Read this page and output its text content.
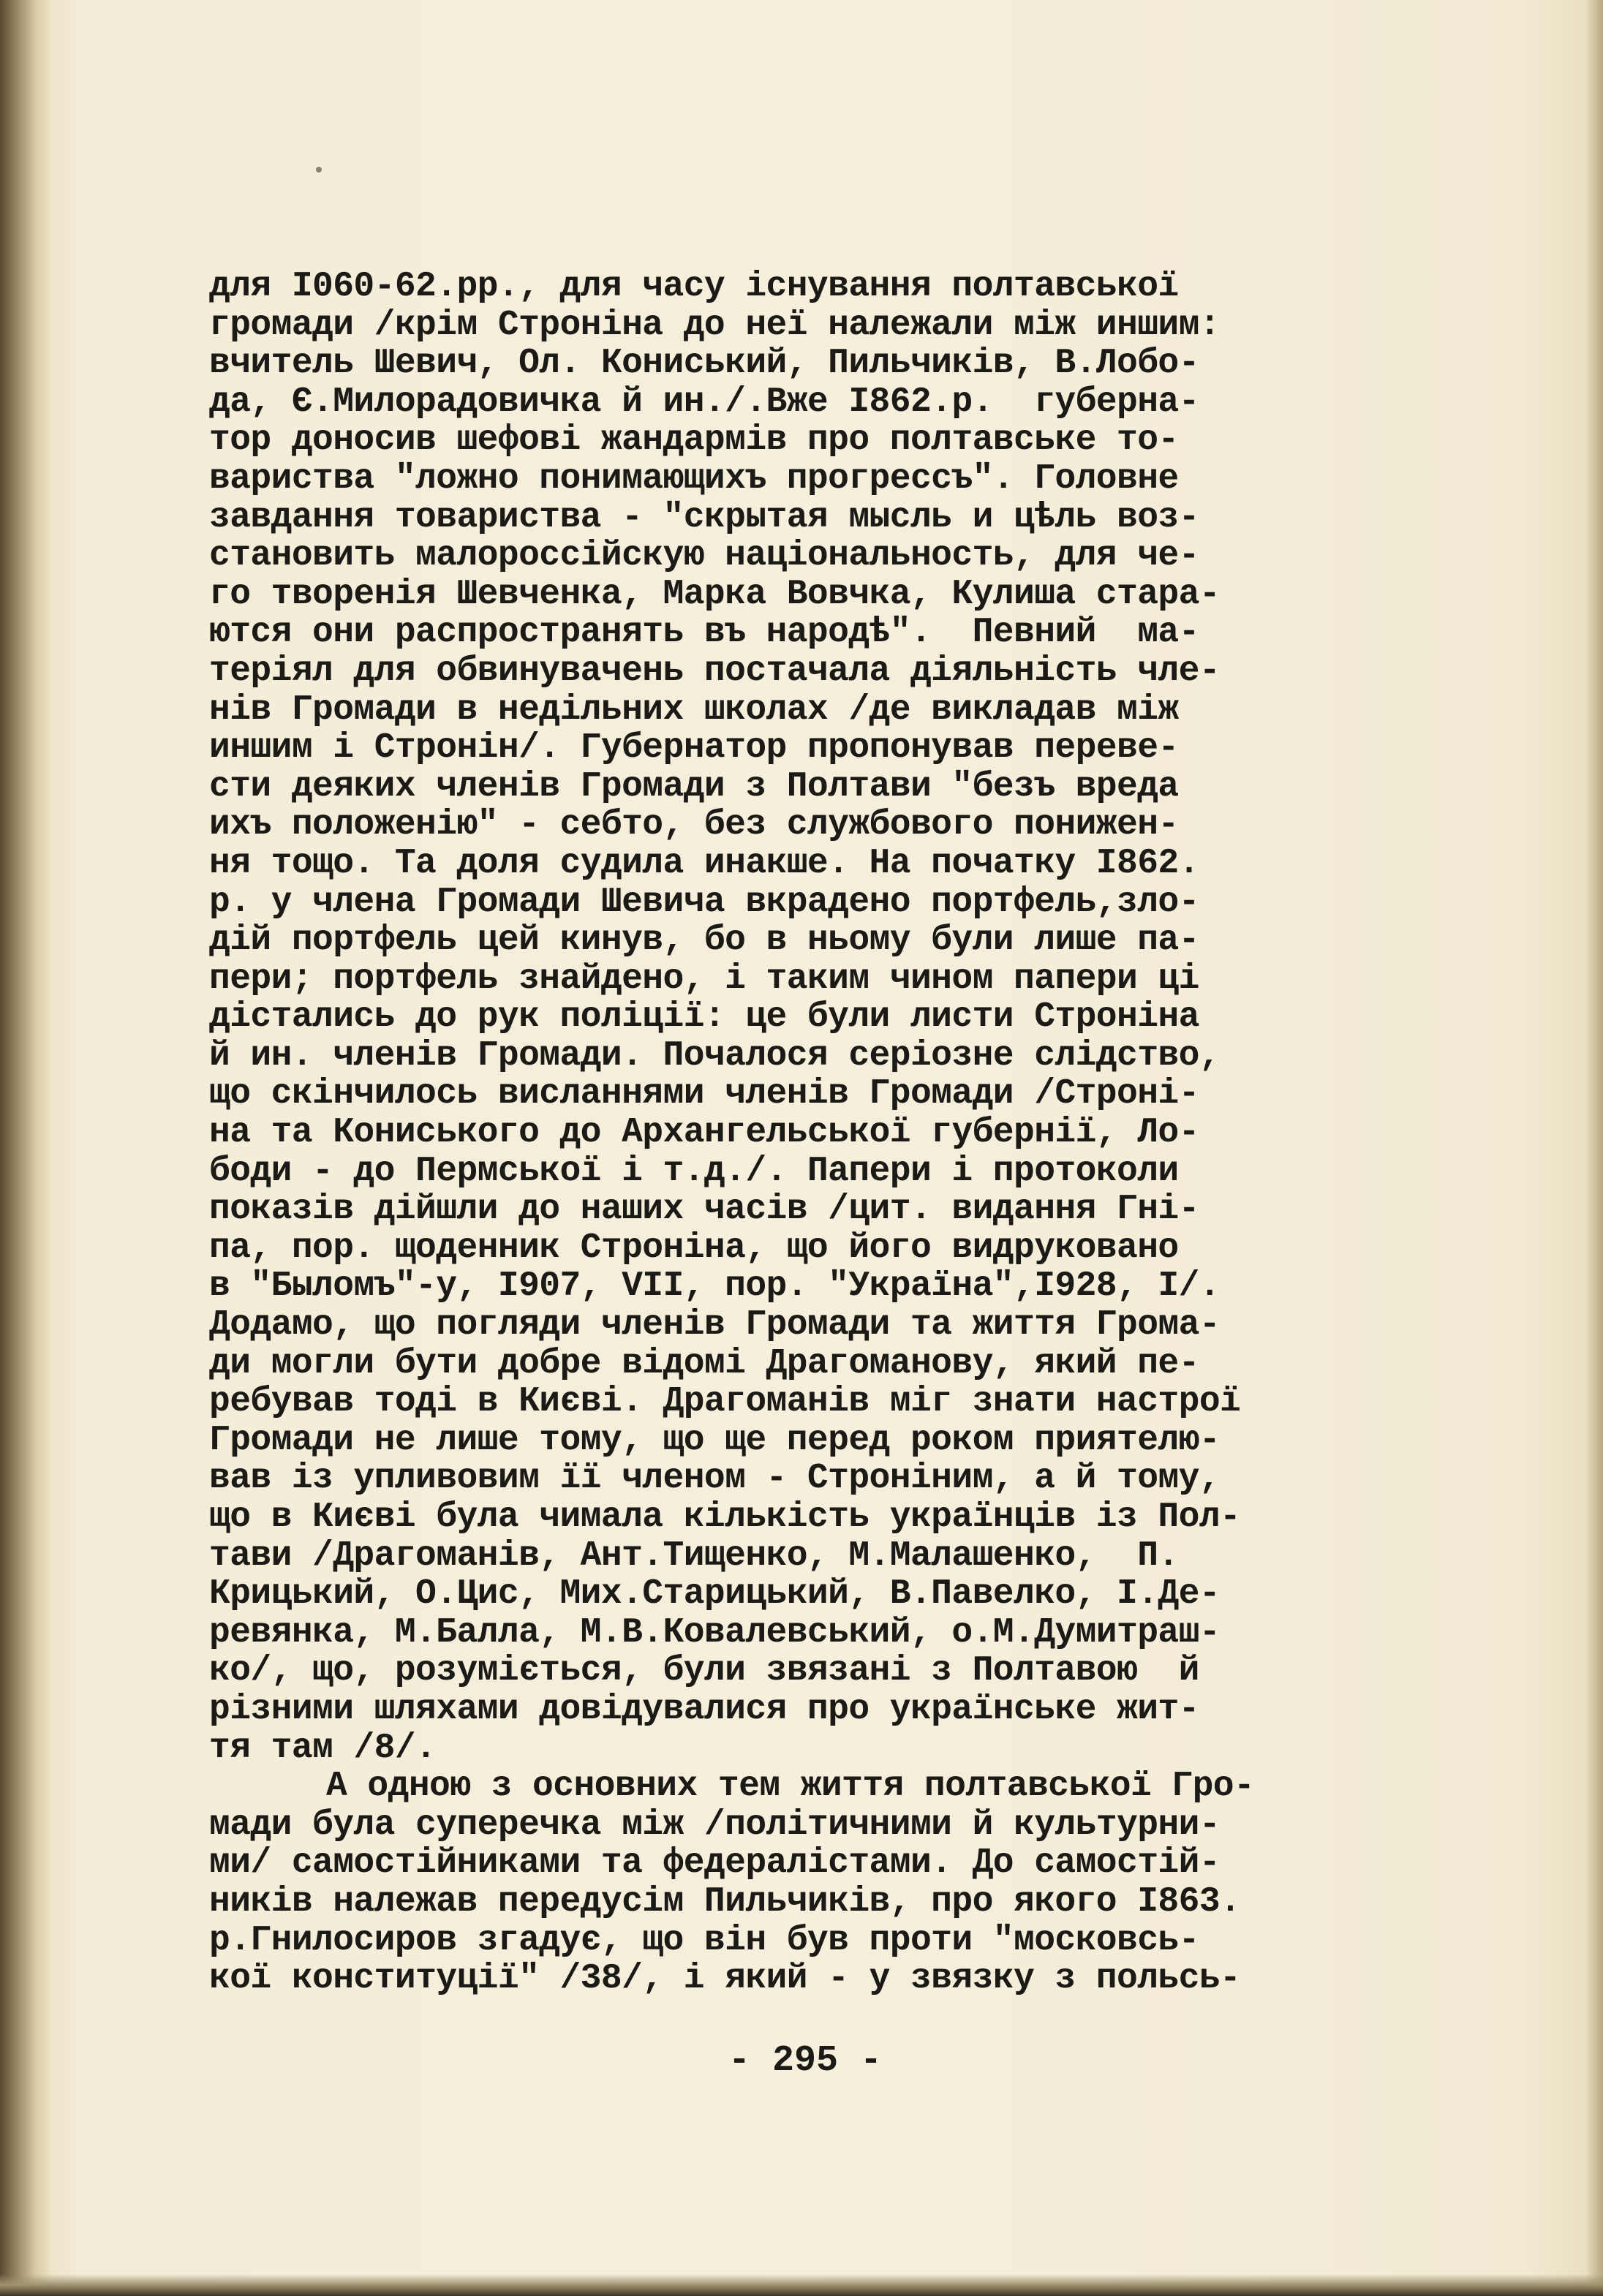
для I060-62.рр., для часу існування полтавської
громади /крім Строніна до неї належали між иншим:
вчитель Шевич, Ол. Кониський, Пильчиків, В.Лобо-
да, Є.Милорадовичка й ин./.Вже I862.р.  губерна-
тор доносив шефові жандармів про полтавське то-
вариства "ложно понимающихъ прогрессъ". Головне
завдання товариства - "скрытая мысль и цѣль воз-
становить малороссійскую національность, для че-
го творенія Шевченка, Марка Вовчка, Кулиша стара-
ются они распространять въ народѣ".  Певний  ма-
теріял для обвинувачень постачала діяльність чле-
нів Громади в недільних школах /де викладав між
иншим і Стронін/. Губернатор пропонував переве-
сти деяких членів Громади з Полтави "безъ вреда
ихъ положенію" - себто, без службового понижен-
ня тощо. Та доля судила инакше. На початку I862.
р. у члена Громади Шевича вкрадено портфель,зло-
дій портфель цей кинув, бо в ньому були лише па-
пери; портфель знайдено, і таким чином папери ці
дістались до рук поліції: це були листи Строніна
й ин. членів Громади. Почалося серіозне слідство,
що скінчилось висланнями членів Громади /Строні-
на та Кониського до Архангельської губернії, Ло-
боди - до Пермської і т.д./. Папери і протоколи
показів дійшли до наших часів /цит. видання Гні-
па, пор. щоденник Строніна, що його видруковано
в "Быломъ"-у, I907, VII, пор. "Україна",I928, I/.
Додамо, що погляди членів Громади та життя Грома-
ди могли бути добре відомі Драгоманову, який пе-
ребував тоді в Києві. Драгоманів міг знати настрої
Громади не лише тому, що ще перед роком приятелю-
вав із упливовим її членом - Строніним, а й тому,
що в Києві була чимала кількість українців із Пол-
тави /Драгоманів, Ант.Тищенко, М.Малашенко,  П.
Крицький, О.Цис, Мих.Старицький, В.Павелко, І.Де-
ревянка, М.Балла, М.В.Ковалевський, о.М.Думитраш-
ко/, що, розуміється, були звязані з Полтавою  й
різними шляхами довідувалися про українське жит-
тя там /8/.
А одною з основних тем життя полтавської Гро-
мади була суперечка між /політичними й культурни-
ми/ самостійниками та федералістами. До самостій-
ників належав передусім Пильчиків, про якого I863.
р.Гнилосиров згадує, що він був проти "московсь-
кої конституції" /38/, і який - у звязку з польсь-
- 295 -
